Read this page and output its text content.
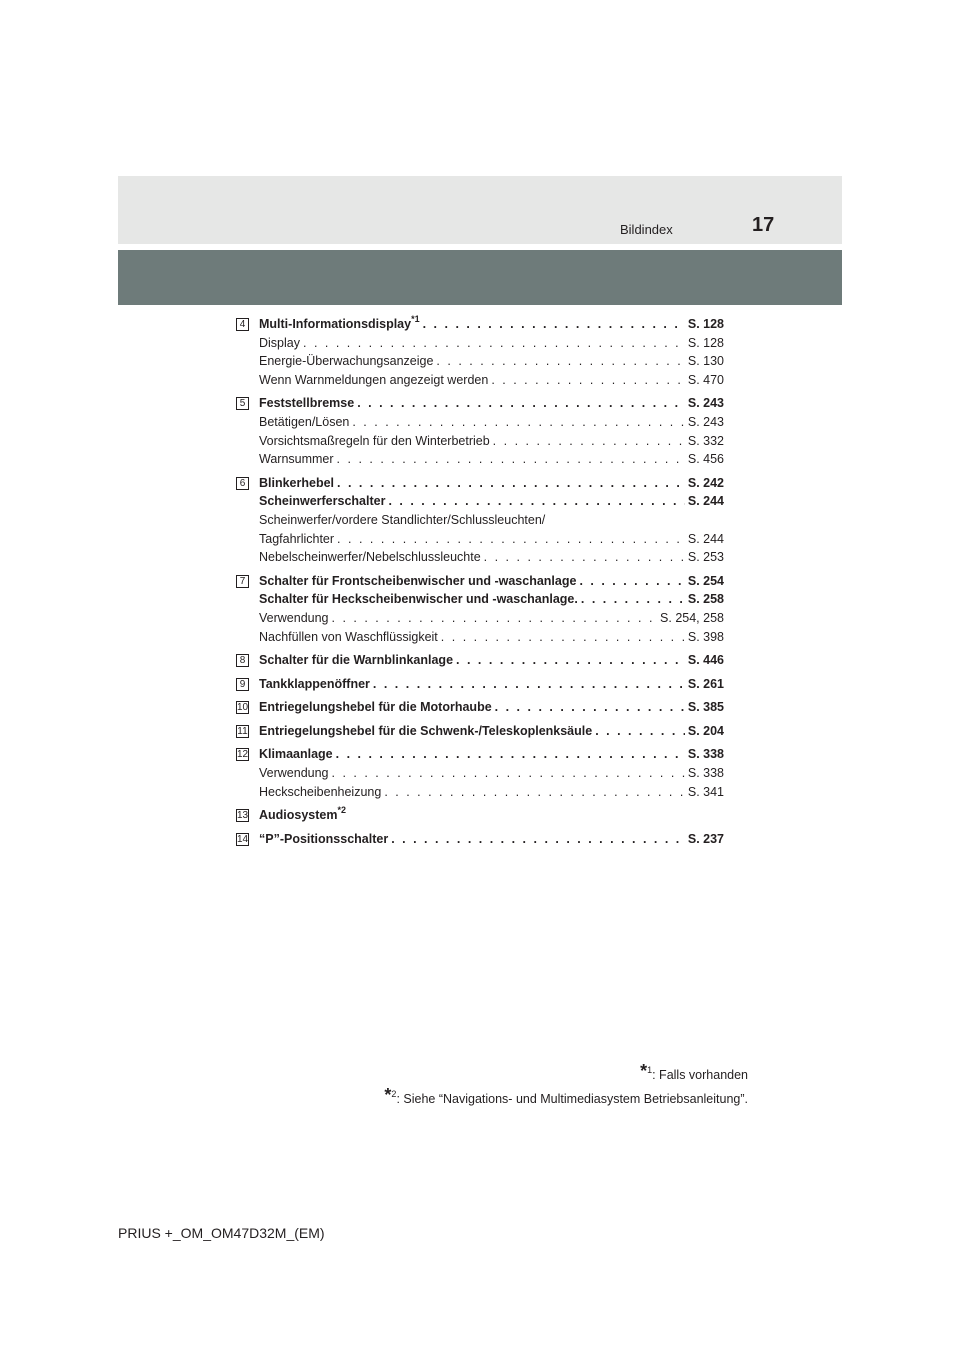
Bildindex	17
4 Multi-Informationsdisplay$^{*1}$ . . .	S. 128
Display . . .	S. 128
Energie-Überwachungsanzeige . . .	S. 130
Wenn Warnmeldungen angezeigt werden . . .	S. 470
5 Feststellbremse . . .	S. 243
Betätigen/Lösen . . .	S. 243
Vorsichtsmaßregeln für den Winterbetrieb . . .	S. 332
Warnsummer . . .	S. 456
6 Blinkerhebel . . .	S. 242
Scheinwerferschalter . . .	S. 244
Scheinwerfer/vordere Standlichter/Schlussleuchten/
Tagfahrlichter . . .	S. 244
Nebelscheinwerfer/Nebelschlussleuchte . . .	S. 253
7 Schalter für Frontscheibenwischer und -waschanlage . . .	S. 254
Schalter für Heckscheibenwischer und -waschanlage. . . .	S. 258
Verwendung . . .	S. 254, 258
Nachfüllen von Waschflüssigkeit . . .	S. 398
8 Schalter für die Warnblinkanlage . . .	S. 446
9 Tankklappenöffner . . .	S. 261
10 Entriegelungshebel für die Motorhaube . . .	S. 385
11 Entriegelungshebel für die Schwenk-/Teleskoplenksäule . . .	S. 204
12 Klimaanlage . . .	S. 338
Verwendung . . .	S. 338
Heckscheibenheizung . . .	S. 341
13 Audiosystem$^{*2}$
14 “P”-Positionsschalter . . .	S. 237
*$^1$: Falls vorhanden
*$^2$: Siehe “Navigations- und Multimediasystem Betriebsanleitung”.
PRIUS +_OM_OM47D32M_(EM)
